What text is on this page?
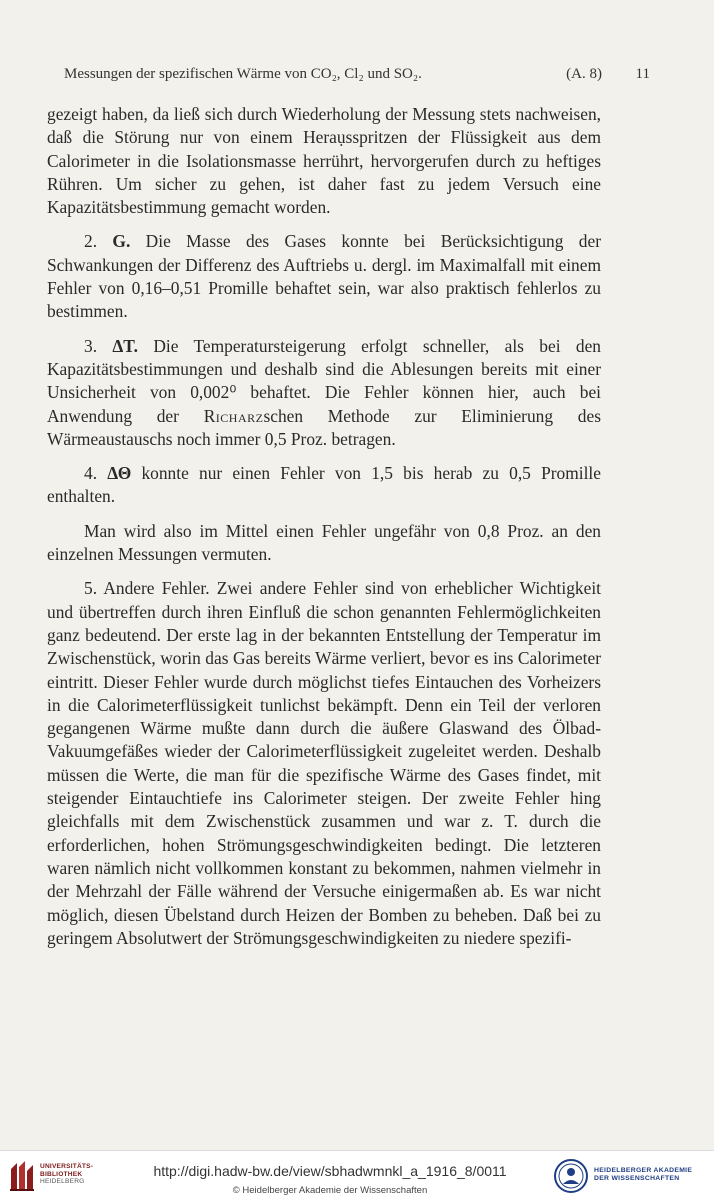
Messungen der spezifischen Wärme von CO₂, Cl₂ und SO₂.	(A. 8) 11

gezeigt haben, da ließ sich durch Wiederholung der Messung stets nachweisen, daß die Störung nur von einem Heraụsspritzen der Flüssigkeit aus dem Calorimeter in die Isolationsmasse herrührt, hervorgerufen durch zu heftiges Rühren. Um sicher zu gehen, ist daher fast zu jedem Versuch eine Kapazitätsbestimmung gemacht worden.

2. G. Die Masse des Gases konnte bei Berücksichtigung der Schwankungen der Differenz des Auftriebs u. dergl. im Maximalfall mit einem Fehler von 0,16–0,51 Promille behaftet sein, war also praktisch fehlerlos zu bestimmen.

3. ΔT. Die Temperatursteigerung erfolgt schneller, als bei den Kapazitätsbestimmungen und deshalb sind die Ablesungen bereits mit einer Unsicherheit von 0,002⁰ behaftet. Die Fehler können hier, auch bei Anwendung der Richarzschen Methode zur Eliminierung des Wärmeaustauschs noch immer 0,5 Proz. betragen.

4. ΔΘ konnte nur einen Fehler von 1,5 bis herab zu 0,5 Promille enthalten.

Man wird also im Mittel einen Fehler ungefähr von 0,8 Proz. an den einzelnen Messungen vermuten.

5. Andere Fehler. Zwei andere Fehler sind von erheblicher Wichtigkeit und übertreffen durch ihren Einfluß die schon genannten Fehlermöglichkeiten ganz bedeutend. Der erste lag in der bekannten Entstellung der Temperatur im Zwischenstück, worin das Gas bereits Wärme verliert, bevor es ins Calorimeter eintritt. Dieser Fehler wurde durch möglichst tiefes Eintauchen des Vorheizers in die Calorimeterflüssigkeit tunlichst bekämpft. Denn ein Teil der verloren gegangenen Wärme mußte dann durch die äußere Glaswand des Ölbad-Vakuumgefäßes wieder der Calorimeterflüssigkeit zugeleitet werden. Deshalb müssen die Werte, die man für die spezifische Wärme des Gases findet, mit steigender Eintauchtiefe ins Calorimeter steigen. Der zweite Fehler hing gleichfalls mit dem Zwischenstück zusammen und war z. T. durch die erforderlichen, hohen Strömungsgeschwindigkeiten bedingt. Die letzteren waren nämlich nicht vollkommen konstant zu bekommen, nahmen vielmehr in der Mehrzahl der Fälle während der Versuche einigermaßen ab. Es war nicht möglich, diesen Übelstand durch Heizen der Bomben zu beheben. Daß bei zu geringem Absolutwert der Strömungsgeschwindigkeiten zu niedere spezifi-

UNIVERSITÄTS-
BIBLIOTHEK
HEIDELBERG
http://digi.hadw-bw.de/view/sbhadwmnkl_a_1916_8/0011
© Heidelberger Akademie der Wissenschaften
HEIDELBERGER AKADEMIE
DER WISSENSCHAFTEN
